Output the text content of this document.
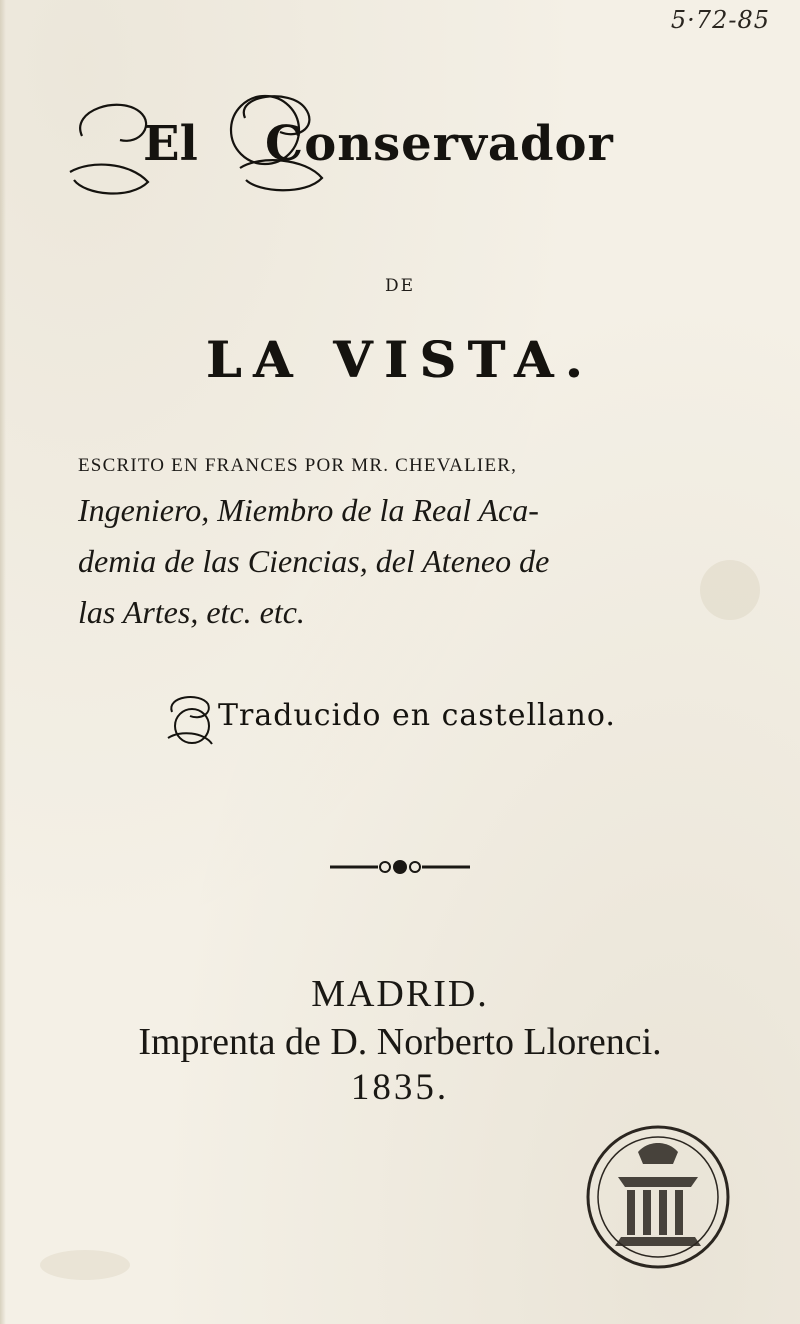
5·72-85
El Conservador
DE
LA VISTA.
ESCRITO EN FRANCES POR MR. CHEVALIER,
Ingeniero, Miembro de la Real Aca-
demia de las Ciencias, del Ateneo de
las Artes, etc. etc.
Traducido en castellano.
MADRID.
Imprenta de D. Norberto Llorenci.
1835.
